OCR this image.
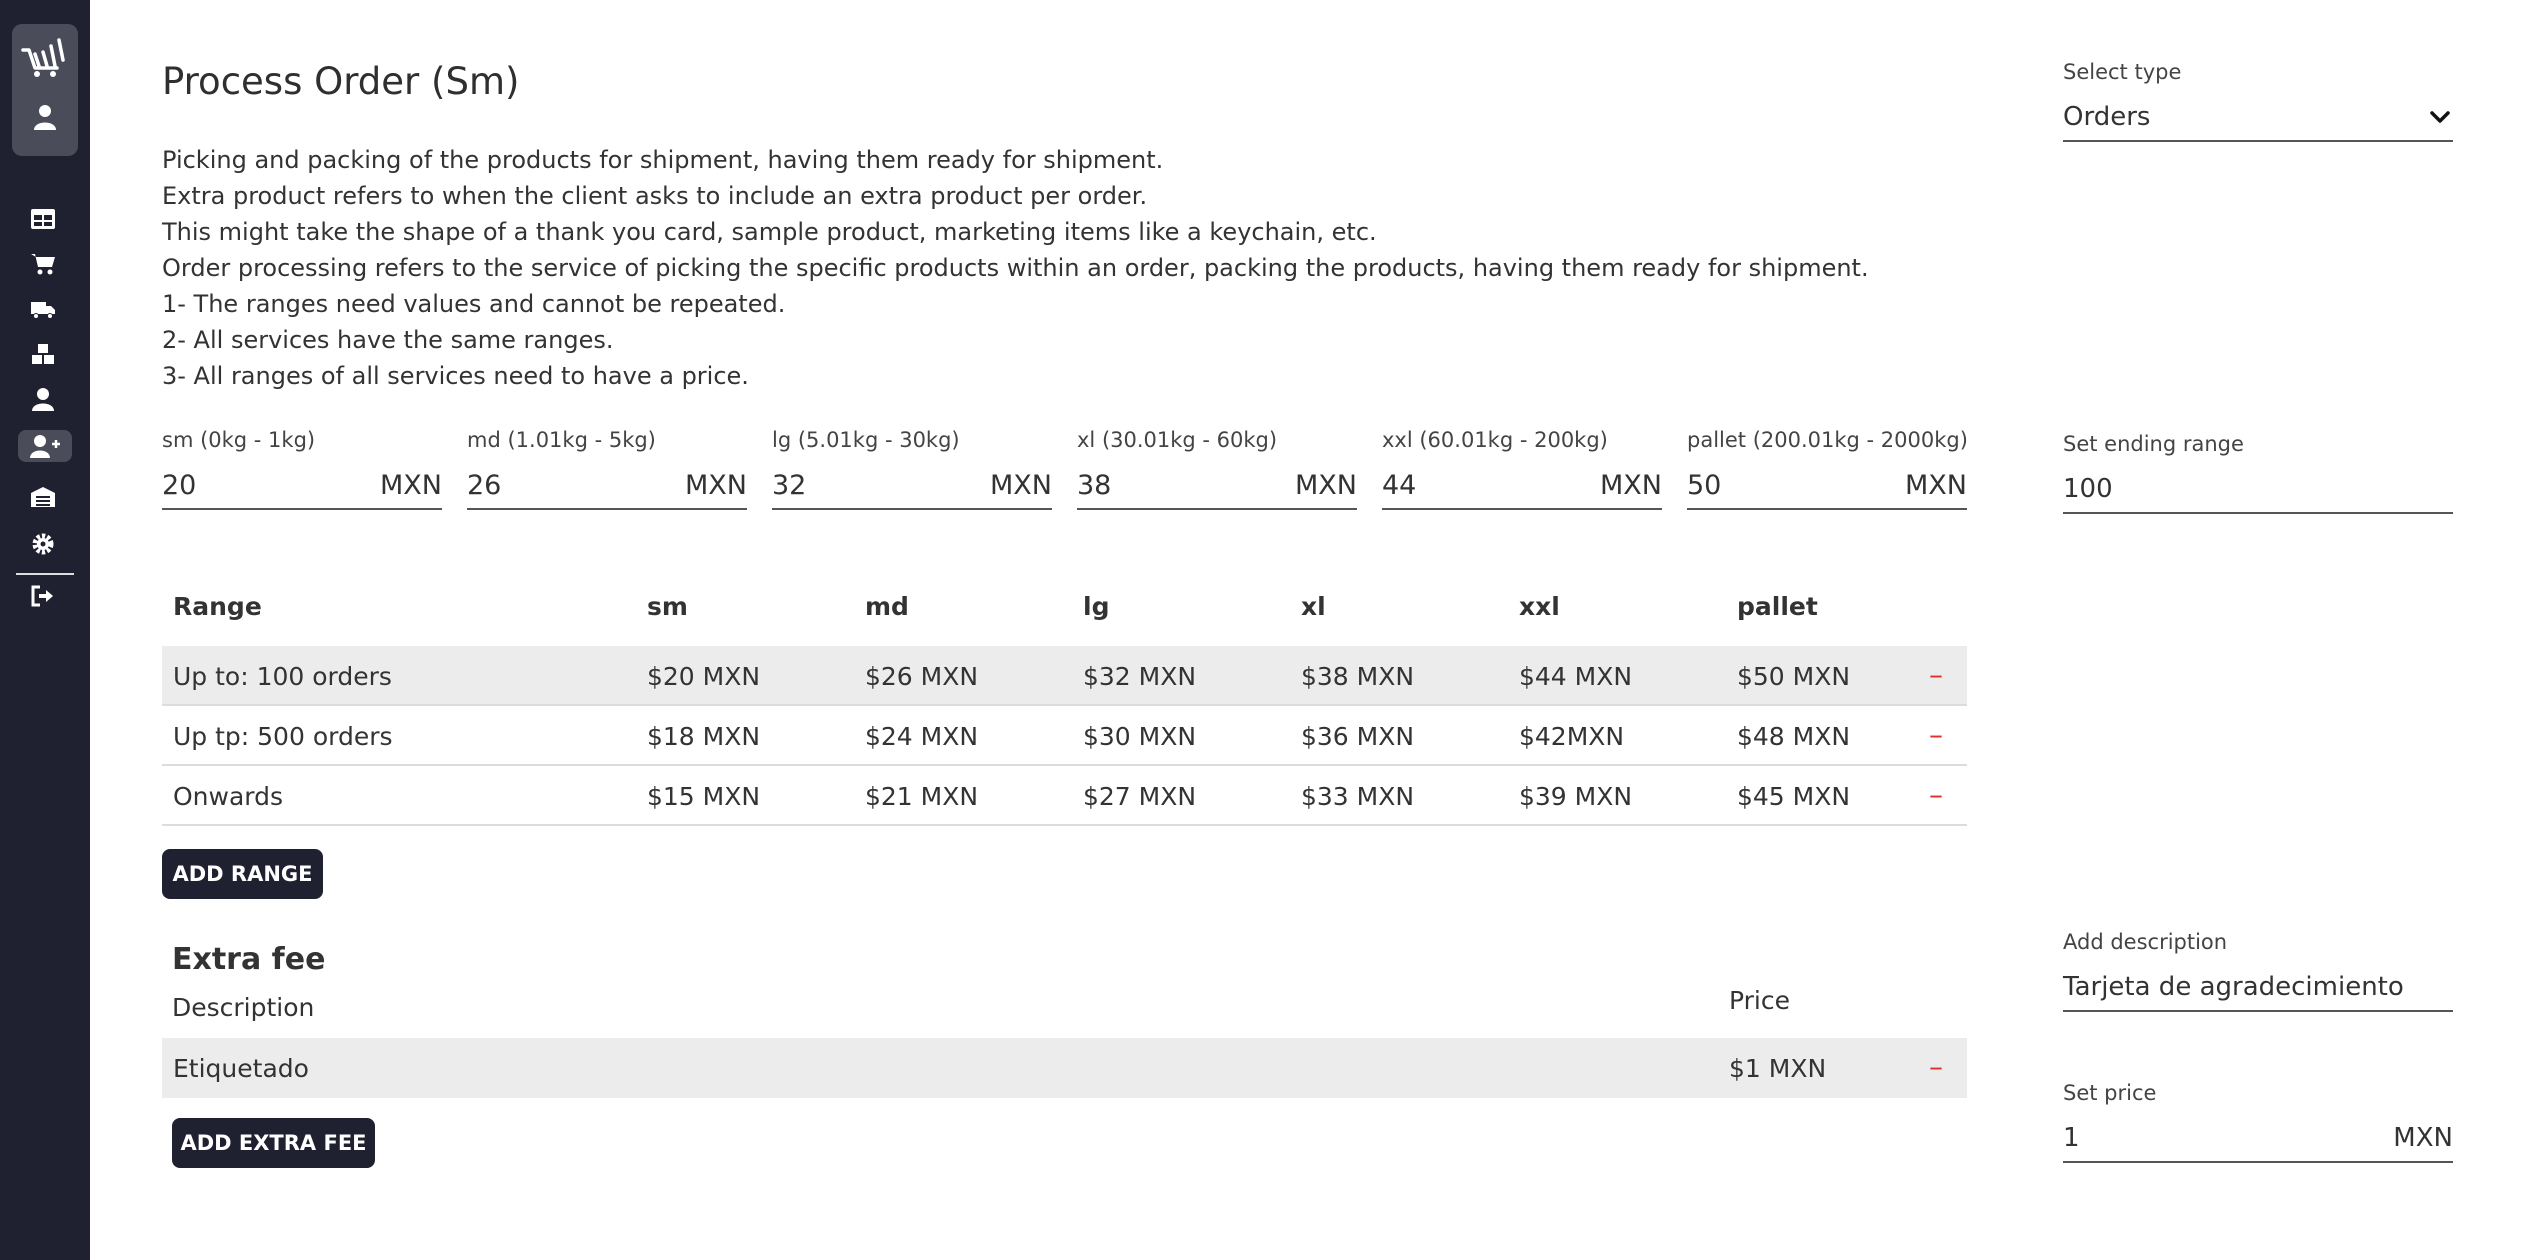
Process Order (Sm)

Picking and packing of the products for shipment, having them ready for shipment.

Extra product refers to when the client asks to include an extra product per order.

This might take the shape of a thank you card, sample product, marketing items like a keychain, etc.

Order processing refers to the service of picking the specific products within an order, packing the products, having them ready for shipment.

1- The ranges need values and cannot be repeated.

2- All services have the same ranges.

3- All ranges of all services need to have a price.

sm (0kg - 1kg)
20	MXN
md (1.01kg - 5kg)
26	MXN
lg (5.01kg - 30kg)
32	MXN
xl (30.01kg - 60kg)
38	MXN
xxl (60.01kg - 200kg)
44	MXN
pallet (200.01kg - 2000kg)
50	MXN
Range	sm	md	lg	xl	xxl	pallet
Up to: 100 orders	$20 MXN	$26 MXN	$32 MXN	$38 MXN	$44 MXN	$50 MXN	–
Up tp: 500 orders	$18 MXN	$24 MXN	$30 MXN	$36 MXN	$42MXN	$48 MXN	–
Onwards	$15 MXN	$21 MXN	$27 MXN	$33 MXN	$39 MXN	$45 MXN	–
ADD RANGE
Extra fee
Description	Price
Etiquetado	$1 MXN	–
ADD EXTRA FEE
Select type
Orders
Set ending range
100
Add description
Tarjeta de agradecimiento
Set price
1	MXN
